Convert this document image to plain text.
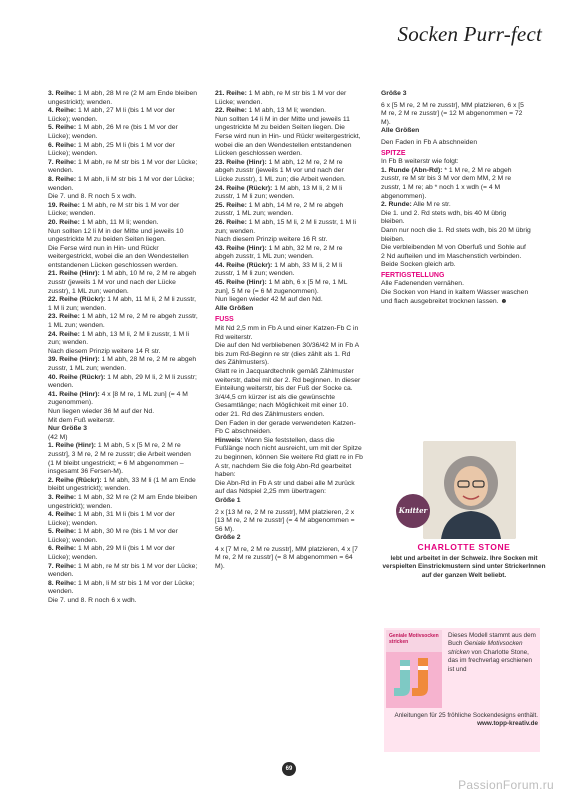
Socken Purr-fect
3. Reihe: 1 M abh, 28 M re (2 M am Ende bleiben ungestrickt); wenden.
4. Reihe: 1 M abh, 27 M li (bis 1 M vor der Lücke); wenden.
5. Reihe: 1 M abh, 26 M re (bis 1 M vor der Lücke); wenden.
6. Reihe: 1 M abh, 25 M li (bis 1 M vor der Lücke); wenden.
7. Reihe: 1 M abh, re M str bis 1 M vor der Lücke; wenden.
8. Reihe: 1 M abh, li M str bis 1 M vor der Lücke; wenden.
Die 7. und 8. R noch 5 x wdh.
19. Reihe: 1 M abh, re M str bis 1 M vor der Lücke; wenden.
20. Reihe: 1 M abh, 11 M li; wenden.
Nun sollten 12 li M in der Mitte und jeweils 10 ungestrickte M zu beiden Seiten liegen.
Die Ferse wird nun in Hin- und Rückr weitergestrickt, wobei die an den Wendestellen entstandenen Lücken geschlossen werden.
21. Reihe (Hinr): 1 M abh, 10 M re, 2 M re abgeh zusstr (jeweils 1 M vor und nach der Lücke zusstr), 1 ML zun; wenden.
22. Reihe (Rückr): 1 M abh, 11 M li, 2 M li zusstr, 1 M li zun; wenden.
23. Reihe: 1 M abh, 12 M re, 2 M re abgeh zusstr, 1 ML zun; wenden.
24. Reihe: 1 M abh, 13 M li, 2 M li zusstr, 1 M li zun; wenden.
Nach diesem Prinzip weitere 14 R str.
39. Reihe (Hinr): 1 M abh, 28 M re, 2 M re abgeh zusstr, 1 ML zun; wenden.
40. Reihe (Rückr): 1 M abh, 29 M li, 2 M li zusstr; wenden.
41. Reihe (Hinr): 4 x [8 M re, 1 ML zun] (= 4 M zugenommen).
Nun liegen wieder 36 M auf der Nd.
Mit dem Fuß weiterstr.
Nur Größe 3
(42 M)
1. Reihe (Hinr): 1 M abh, 5 x [5 M re, 2 M re zusstr], 3 M re, 2 M re zusstr; die Arbeit wenden (1 M bleibt ungestrickt; = 6 M abgenommen – insgesamt 36 Fersen-M).
2. Reihe (Rückr): 1 M abh, 33 M li (1 M am Ende bleibt ungestrickt); wenden.
3. Reihe: 1 M abh, 32 M re (2 M am Ende bleiben ungestrickt); wenden.
4. Reihe: 1 M abh, 31 M li (bis 1 M vor der Lücke); wenden.
5. Reihe: 1 M abh, 30 M re (bis 1 M vor der Lücke); wenden.
6. Reihe: 1 M abh, 29 M li (bis 1 M vor der Lücke); wenden.
7. Reihe: 1 M abh, re M str bis 1 M vor der Lücke; wenden.
8. Reihe: 1 M abh, li M str bis 1 M vor der Lücke; wenden.
Die 7. und 8. R noch 6 x wdh.
21. Reihe: 1 M abh, re M str bis 1 M vor der Lücke; wenden.
22. Reihe: 1 M abh, 13 M li; wenden.
Nun sollten 14 li M in der Mitte und jeweils 11 ungestrickte M zu beiden Seiten liegen. Die Ferse wird nun in Hin- und Rückr weitergestrickt, wobei die an den Wendestellen entstandenen Lücken geschlossen werden.
23. Reihe (Hinr): 1 M abh, 12 M re, 2 M re abgeh zusstr (jeweils 1 M vor und nach der Lücke zusstr), 1 ML zun; die Arbeit wenden.
24. Reihe (Rückr): 1 M abh, 13 M li, 2 M li zusstr, 1 M li zun; wenden.
25. Reihe: 1 M abh, 14 M re, 2 M re abgeh zusstr, 1 ML zun; wenden.
26. Reihe: 1 M abh, 15 M li, 2 M li zusstr, 1 M li zun; wenden.
Nach diesem Prinzip weitere 16 R str.
43. Reihe (Hinr): 1 M abh, 32 M re, 2 M re abgeh zusstr, 1 ML zun; wenden.
44. Reihe (Rückr): 1 M abh, 33 M li, 2 M li zusstr, 1 M li zun; wenden.
45. Reihe (Hinr): 1 M abh, 6 x [5 M re, 1 ML zun], 5 M re (= 6 M zugenommen).
Nun liegen wieder 42 M auf den Nd.
Alle Größen
FUSS
Mit Nd 2,5 mm in Fb A und einer Katzen-Fb C in Rd weiterstr.
Die auf den Nd verbliebenen 30/36/42 M in Fb A bis zum Rd-Beginn re str (dies zählt als 1. Rd des Zählmusters).
Glatt re in Jacquardtechnik gemäß Zählmuster weiterstr, dabei mit der 2. Rd beginnen. In dieser Einteilung weiterstr, bis der Fuß der Socke ca. 3/4/4,5 cm kürzer ist als die gewünschte Gesamtlänge; nach Möglichkeit mit einer 10. oder 21. Rd des Zählmusters enden.
Den Faden in der gerade verwendeten Katzen-Fb C abschneiden.
Hinweis: Wenn Sie feststellen, dass die Fußlänge noch nicht ausreicht, um mit der Spitze zu beginnen, können Sie weitere Rd glatt re in Fb A str, nachdem Sie die folg Abn-Rd gearbeitet haben:
Die Abn-Rd in Fb A str und dabei alle M zurück auf das Ndspiel 2,25 mm übertragen:
Größe 1
2 x [13 M re, 2 M re zusstr], MM platzieren, 2 x [13 M re, 2 M re zusstr] (= 4 M abgenommen = 56 M).
Größe 2
4 x [7 M re, 2 M re zusstr], MM platzieren, 4 x [7 M re, 2 M re zusstr] (= 8 M abgenommen = 64 M).
Größe 3
6 x [5 M re, 2 M re zusstr], MM platzieren, 6 x [5 M re, 2 M re zusstr] (= 12 M abgenommen = 72 M).
Alle Größen
Den Faden in Fb A abschneiden
SPITZE
In Fb B weiterstr wie folgt:
1. Runde (Abn-Rd): * 1 M re, 2 M re abgeh zusstr, re M str bis 3 M vor dem MM, 2 M re zusstr, 1 M re; ab * noch 1 x wdh (= 4 M abgenommen).
2. Runde: Alle M re str.
Die 1. und 2. Rd stets wdh, bis 40 M übrig bleiben.
Dann nur noch die 1. Rd stets wdh, bis 20 M übrig bleiben.
Die verbleibenden M von Oberfuß und Sohle auf 2 Nd aufteilen und im Maschenstich verbinden. Beide Socken gleich arb.
FERTIGSTELLUNG
Alle Fadenenden vernähen.
Die Socken von Hand in kaltem Wasser waschen und flach ausgebreitet trocknen lassen. ☻
Knitter
CHARLOTTE STONE
lebt und arbeitet in der Schweiz. Ihre Socken mit verspielten Einstrickmustern sind unter StrickerInnen auf der ganzen Welt beliebt.
Geniale Motivsocken stricken
Dieses Modell stammt aus dem Buch Geniale Motivsocken stricken von Charlotte Stone, das im frechverlag erschienen ist und
Anleitungen für 25 fröhliche Sockendesigns enthält. www.topp-kreativ.de
69
PassionForum.ru
